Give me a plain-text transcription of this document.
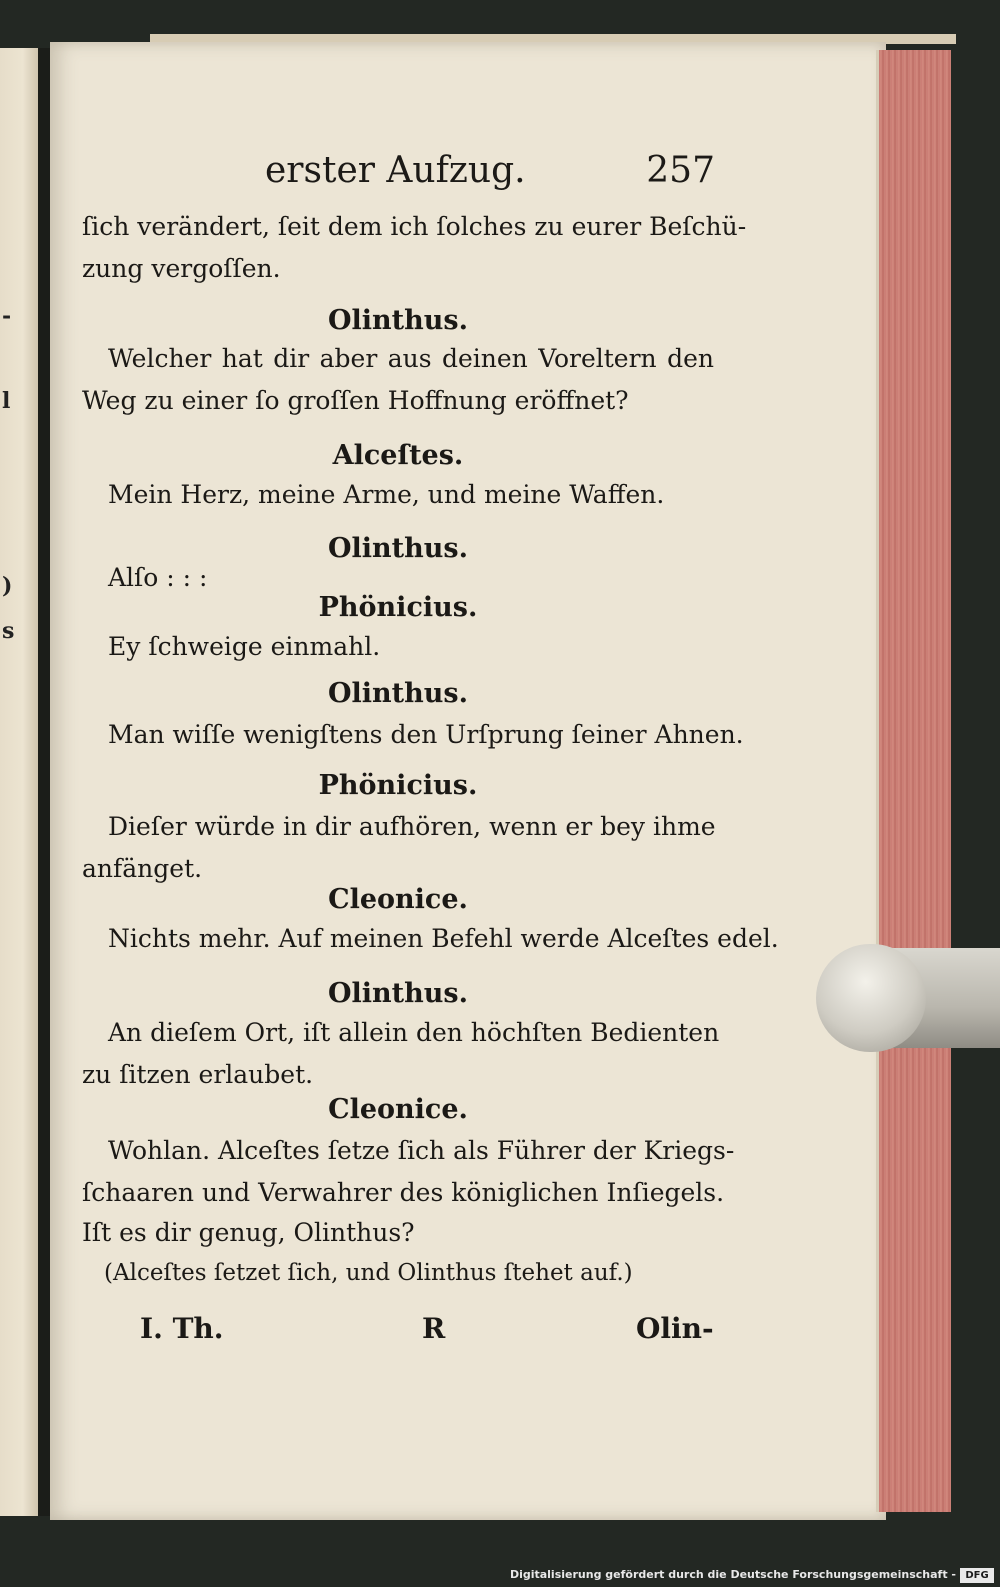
-
l
)
s
erster Aufzug.	257
ſich verändert, ſeit dem ich ſolches zu eurer Beſchü-
zung vergoſſen.
Olinthus.
Welcher hat dir aber aus deinen Voreltern den
Weg zu einer ſo groſſen Hoffnung eröffnet?
Alceſtes.
Mein Herz, meine Arme, und meine Waffen.
Olinthus.
Alſo : : :
Phönicius.
Ey ſchweige einmahl.
Olinthus.
Man wiſſe wenigſtens den Urſprung ſeiner Ahnen.
Phönicius.
Dieſer würde in dir aufhören, wenn er bey ihme
anfänget.
Cleonice.
Nichts mehr. Auf meinen Befehl werde Alceſtes edel.
Olinthus.
An dieſem Ort, iſt allein den höchſten Bedienten
zu ſitzen erlaubet.
Cleonice.
Wohlan. Alceſtes ſetze ſich als Führer der Kriegs-
ſchaaren und Verwahrer des königlichen Inſiegels.
Iſt es dir genug, Olinthus?
(Alceſtes ſetzet ſich, und Olinthus ſtehet auf.)
I. Th.	R	Olin-
Digitalisierung gefördert durch die Deutsche Forschungsgemeinschaft - DFG
